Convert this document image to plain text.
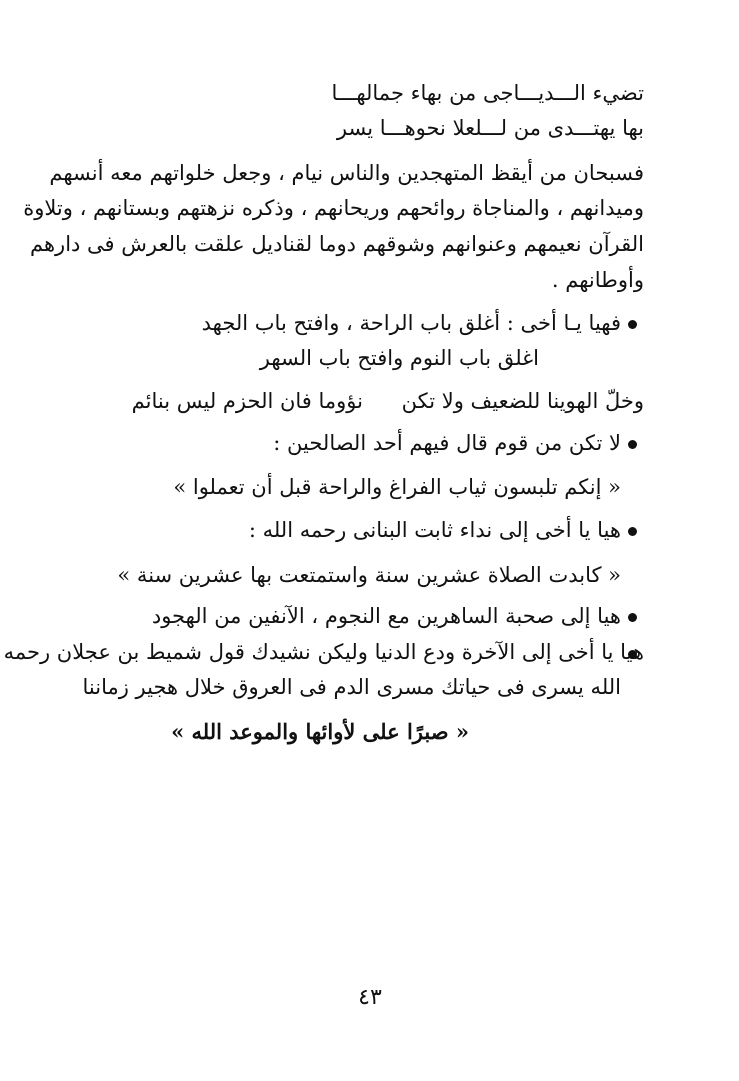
تضيء الـــديـــاجى من بهاء جمالهـــا
بها يهتـــدى من لـــلعلا نحوهـــا يسر
فسبحان من أيقظ المتهجدين والناس نيام ، وجعل خلواتهم معه أنسهم
وميدانهم ، والمناجاة روائحهم وريحانهم ، وذكره نزهتهم وبستانهم ، وتلاوة
القرآن نعيمهم وعنوانهم وشوقهم دوما لقناديل علقت بالعرش فى دارهم
وأوطانهم .
فهيا يـا أخى : أغلق باب الراحة ، وافتح باب الجهد
اغلق باب النوم وافتح باب السهر
وخلّ الهوينا للضعيف ولا تكن
نؤوما فان الحزم ليس بنائم
لا تكن من قوم قال فيهم أحد الصالحين :
« إنكم تلبسون ثياب الفراغ والراحة قبل أن تعملوا »
هيا يا أخى إلى نداء ثابت البنانى رحمه الله :
« كابدت الصلاة عشرين سنة واستمتعت بها عشرين سنة »
هيا إلى صحبة الساهرين مع النجوم ، الآنفين من الهجود
هيا يا أخى إلى الآخرة ودع الدنيا وليكن نشيدك قول شميط بن عجلان رحمه
الله يسرى فى حياتك مسرى الدم فى العروق خلال هجير زماننا
« صبرًا على لأوائها والموعد الله »
٤٣
